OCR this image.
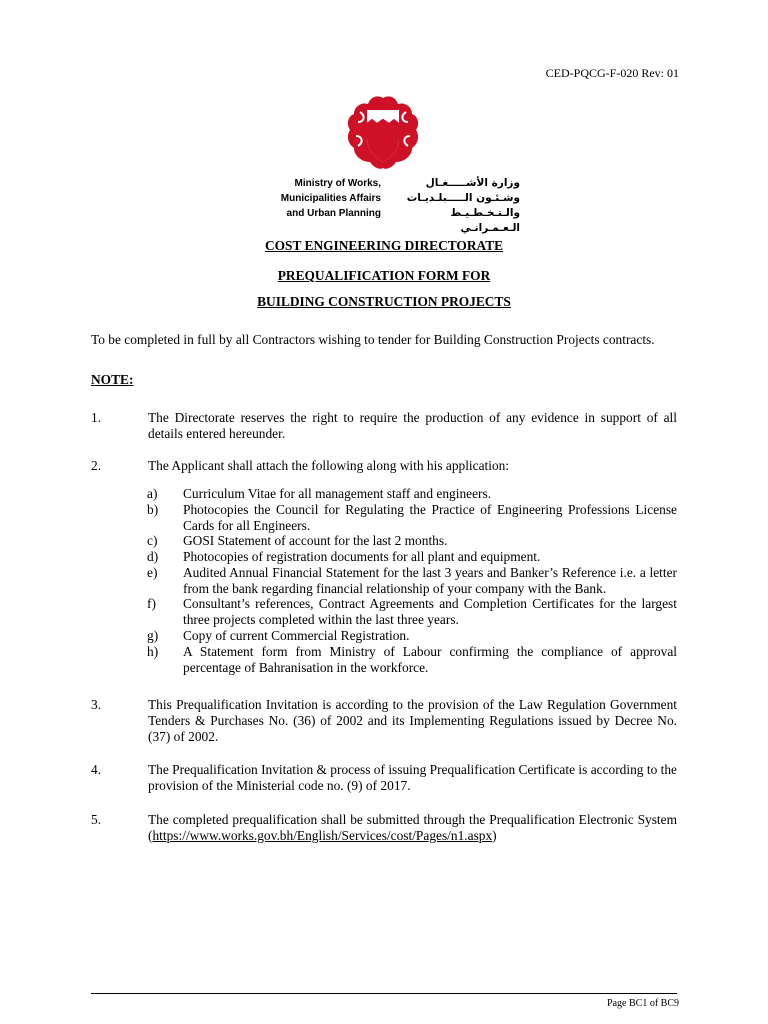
CED-PQCG-F-020 Rev: 01
Ministry of Works,
Municipalities Affairs
and Urban Planning
وزارة الأشـــــغـال
وشـئـون الـــــبلـديـات
والـتـخـطـيـط الـعـمـرانـي
COST ENGINEERING DIRECTORATE
PREQUALIFICATION FORM FOR
BUILDING CONSTRUCTION PROJECTS
To be completed in full by all Contractors wishing to tender for Building Construction Projects contracts.
NOTE:
1.	The Directorate reserves the right to require the production of any evidence in support of all details entered hereunder.
2.	The Applicant shall attach the following along with his application:
a) Curriculum Vitae for all management staff and engineers.
b) Photocopies the Council for Regulating the Practice of Engineering Professions License Cards for all Engineers.
c) GOSI Statement of account for the last 2 months.
d) Photocopies of registration documents for all plant and equipment.
e) Audited Annual Financial Statement for the last 3 years and Banker’s Reference i.e. a letter from the bank regarding financial relationship of your company with the Bank.
f) Consultant’s references, Contract Agreements and Completion Certificates for the largest three projects completed within the last three years.
g) Copy of current Commercial Registration.
h) A Statement form from Ministry of Labour confirming the compliance of approval percentage of Bahranisation in the workforce.
3.	This Prequalification Invitation is according to the provision of the Law Regulation Government Tenders & Purchases No. (36) of 2002 and its Implementing Regulations issued by Decree No. (37) of 2002.
4.	The Prequalification Invitation & process of issuing Prequalification Certificate is according to the provision of the Ministerial code no. (9) of 2017.
5.	The completed prequalification shall be submitted through the Prequalification Electronic System (https://www.works.gov.bh/English/Services/cost/Pages/n1.aspx)
Page BC1 of BC9
